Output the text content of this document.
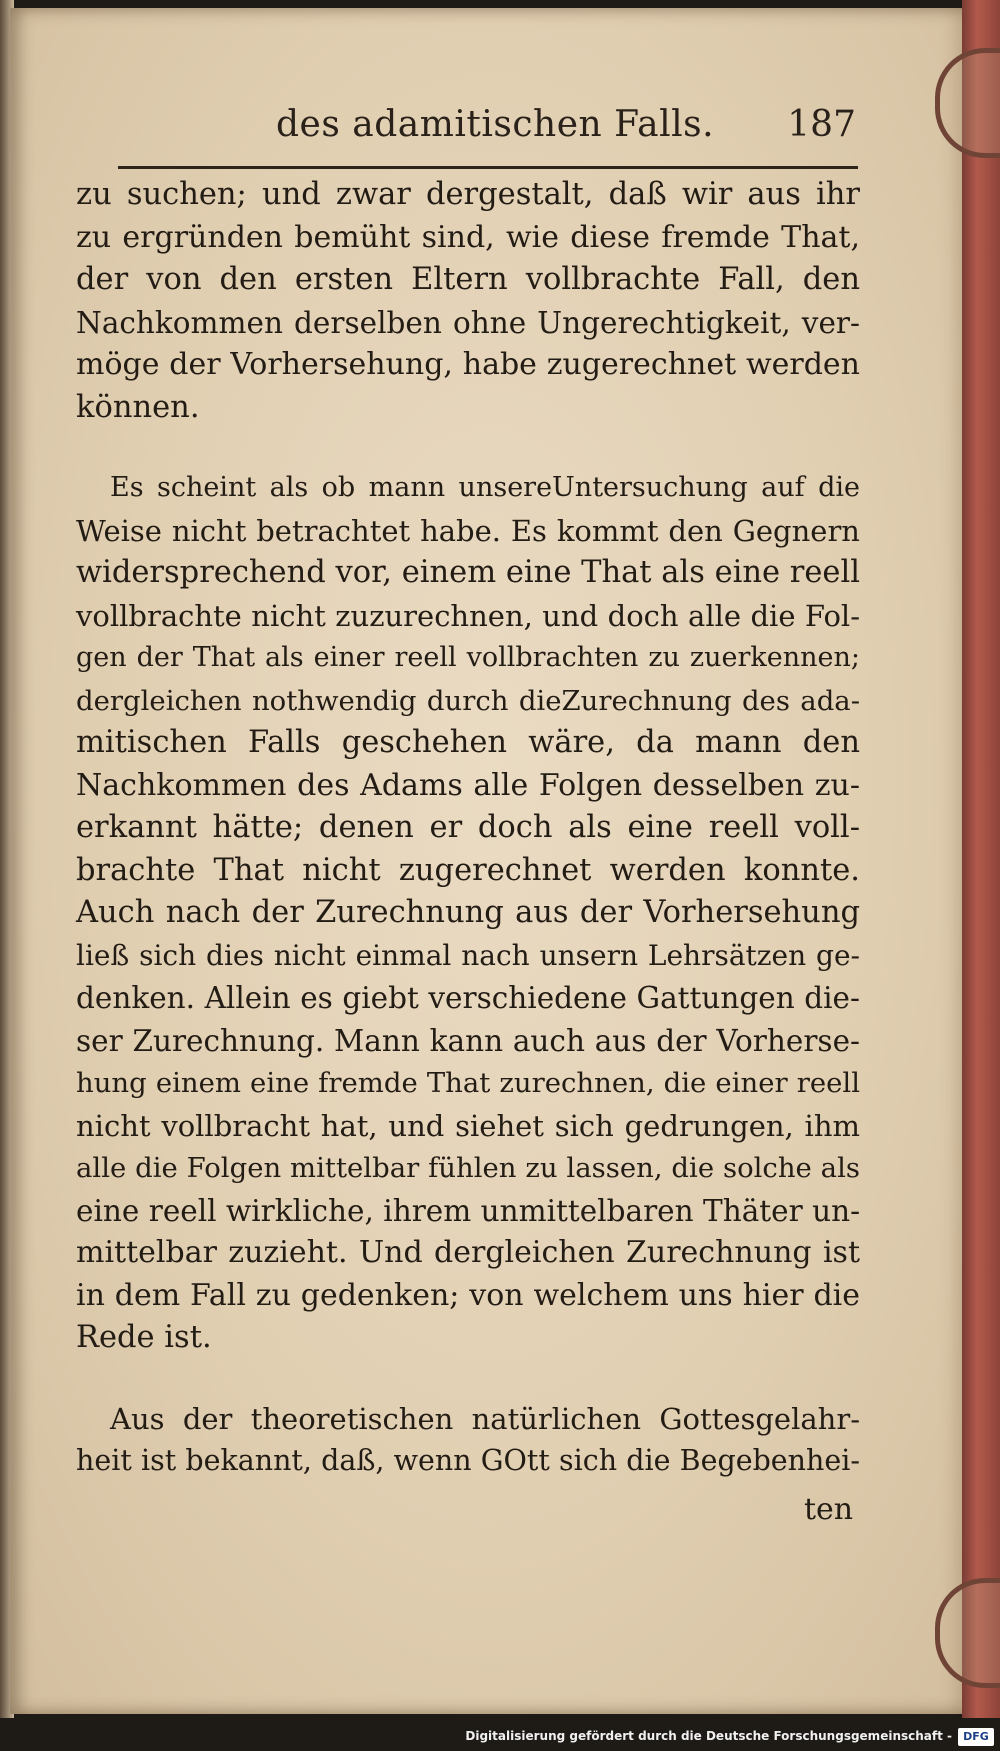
des adamitischen Falls. 187

zu suchen; und zwar dergestalt, daß wir aus ihr
zu ergründen bemüht sind, wie diese fremde That,
der von den ersten Eltern vollbrachte Fall, den
Nachkommen derselben ohne Ungerechtigkeit, ver-
möge der Vorhersehung, habe zugerechnet werden
können.

Es scheint als ob mann unsereUntersuchung auf die
Weise nicht betrachtet habe. Es kommt den Gegnern
widersprechend vor, einem eine That als eine reell
vollbrachte nicht zuzurechnen, und doch alle die Fol-
gen der That als einer reell vollbrachten zu zuerkennen;
dergleichen nothwendig durch dieZurechnung des ada-
mitischen Falls geschehen wäre, da mann den
Nachkommen des Adams alle Folgen desselben zu-
erkannt hätte; denen er doch als eine reell voll-
brachte That nicht zugerechnet werden konnte.
Auch nach der Zurechnung aus der Vorhersehung
ließ sich dies nicht einmal nach unsern Lehrsätzen ge-
denken. Allein es giebt verschiedene Gattungen die-
ser Zurechnung. Mann kann auch aus der Vorherse-
hung einem eine fremde That zurechnen, die einer reell
nicht vollbracht hat, und siehet sich gedrungen, ihm
alle die Folgen mittelbar fühlen zu lassen, die solche als
eine reell wirkliche, ihrem unmittelbaren Thäter un-
mittelbar zuzieht. Und dergleichen Zurechnung ist
in dem Fall zu gedenken; von welchem uns hier die
Rede ist.

Aus der theoretischen natürlichen Gottesgelahr-
heit ist bekannt, daß, wenn GOtt sich die Begebenhei-

ten
Digitalisierung gefördert durch die Deutsche Forschungsgemeinschaft -	DFG
